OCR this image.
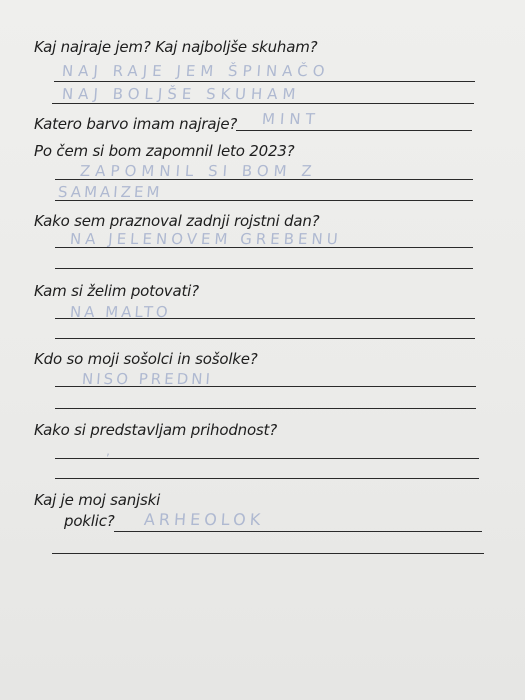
Kaj najraje jem? Kaj najboljše skuham?
NAJ RAJE JEM ŠPINAČO
NAJ BOLJŠE SKUHAM
Katero barvo imam najraje? MINT
Po čem si bom zapomnil leto 2023?
ZAPOMNIL SI BOM Z
SAMAIZEM
Kako sem praznoval zadnji rojstni dan?
NA JELENOVEM GREBENU
Kam si želim potovati?
NA MALTO
Kdo so moji sošolci in sošolke?
NISO PREDNI
Kako si predstavljam prihodnost?
‚
Kaj je moj sanjski
poklic? ARHEOLOK
